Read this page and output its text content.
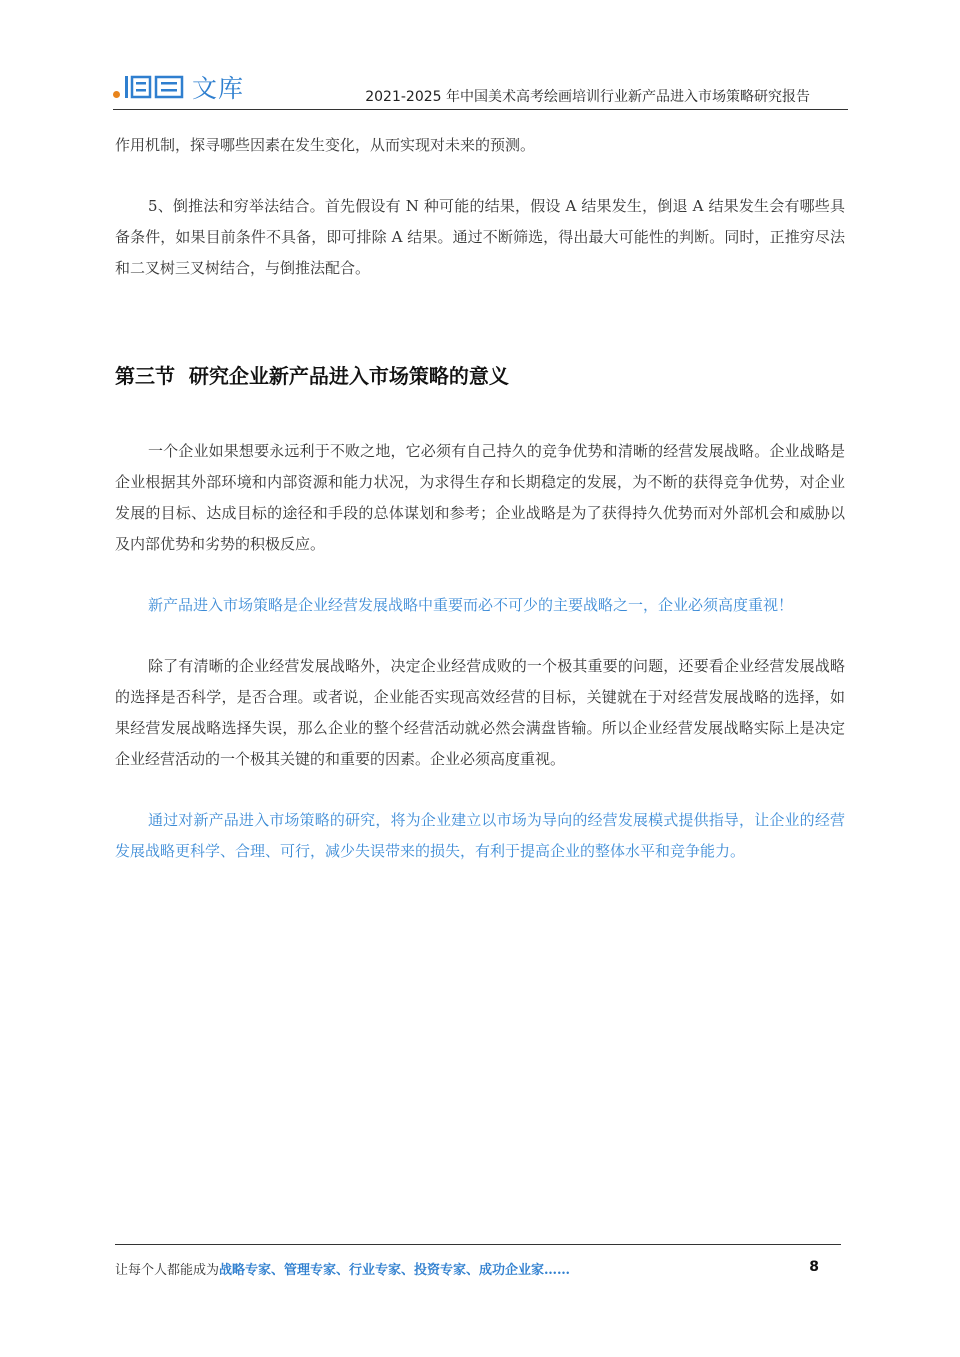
文库	2021-2025 年中国美术高考绘画培训行业新产品进入市场策略研究报告

作用机制，探寻哪些因素在发生变化，从而实现对未来的预测。

5、倒推法和穷举法结合。首先假设有 N 种可能的结果，假设 A 结果发生，倒退 A 结果发生会有哪些具备条件，如果目前条件不具备，即可排除 A 结果。通过不断筛选，得出最大可能性的判断。同时，正推穷尽法和二叉树三叉树结合，与倒推法配合。

第三节  研究企业新产品进入市场策略的意义

一个企业如果想要永远利于不败之地，它必须有自己持久的竞争优势和清晰的经营发展战略。企业战略是企业根据其外部环境和内部资源和能力状况，为求得生存和长期稳定的发展，为不断的获得竞争优势，对企业发展的目标、达成目标的途径和手段的总体谋划和参考；企业战略是为了获得持久优势而对外部机会和威胁以及内部优势和劣势的积极反应。

新产品进入市场策略是企业经营发展战略中重要而必不可少的主要战略之一，企业必须高度重视！

除了有清晰的企业经营发展战略外，决定企业经营成败的一个极其重要的问题，还要看企业经营发展战略的选择是否科学，是否合理。或者说，企业能否实现高效经营的目标，关键就在于对经营发展战略的选择，如果经营发展战略选择失误，那么企业的整个经营活动就必然会满盘皆输。所以企业经营发展战略实际上是决定企业经营活动的一个极其关键的和重要的因素。企业必须高度重视。

通过对新产品进入市场策略的研究，将为企业建立以市场为导向的经营发展模式提供指导，让企业的经营发展战略更科学、合理、可行，减少失误带来的损失，有利于提高企业的整体水平和竞争能力。

让每个人都能成为战略专家、管理专家、行业专家、投资专家、成功企业家……	8
